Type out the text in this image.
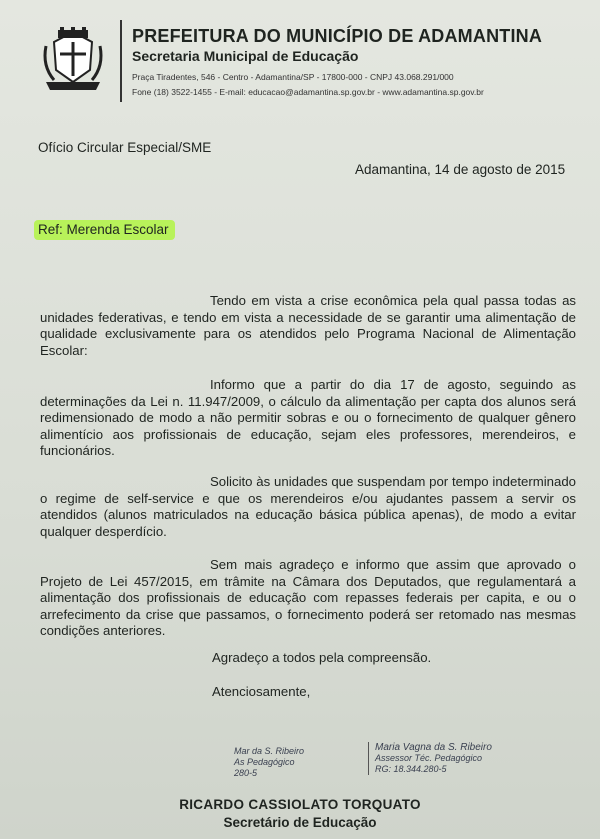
PREFEITURA DO MUNICÍPIO DE ADAMANTINA
Secretaria Municipal de Educação
Praça Tiradentes, 546 - Centro - Adamantina/SP - 17800-000 - CNPJ 43.068.291/000
Fone (18) 3522-1455 - E-mail: educacao@adamantina.sp.gov.br - www.adamantina.sp.gov.br
Ofício Circular Especial/SME
Adamantina, 14 de agosto de 2015
Ref: Merenda Escolar
Tendo em vista a crise econômica pela qual passa todas as unidades federativas, e tendo em vista a necessidade de se garantir uma alimentação de qualidade exclusivamente para os atendidos pelo Programa Nacional de Alimentação Escolar:
Informo que a partir do dia 17 de agosto, seguindo as determinações da Lei n. 11.947/2009, o cálculo da alimentação per capta dos alunos será redimensionado de modo a não permitir sobras e ou o fornecimento de qualquer gênero alimentício aos profissionais de educação, sejam eles professores, merendeiros, e funcionários.
Solicito às unidades que suspendam por tempo indeterminado o regime de self-service e que os merendeiros e/ou ajudantes passem a servir os atendidos (alunos matriculados na educação básica pública apenas), de modo a evitar qualquer desperdício.
Sem mais agradeço e informo que assim que aprovado o Projeto de Lei 457/2015, em trâmite na Câmara dos Deputados, que regulamentará a alimentação dos profissionais de educação com repasses federais per capita, e ou o arrefecimento da crise que passamos, o fornecimento poderá ser retomado nas mesmas condições anteriores.
Agradeço a todos pela compreensão.
Atenciosamente,
Mar da S. Ribeiro
As Pedagógico
280-5
Maria Vagna da S. Ribeiro
Assessor Téc. Pedagógico
RG: 18.344.280-5
RICARDO CASSIOLATO TORQUATO
Secretário de Educação
